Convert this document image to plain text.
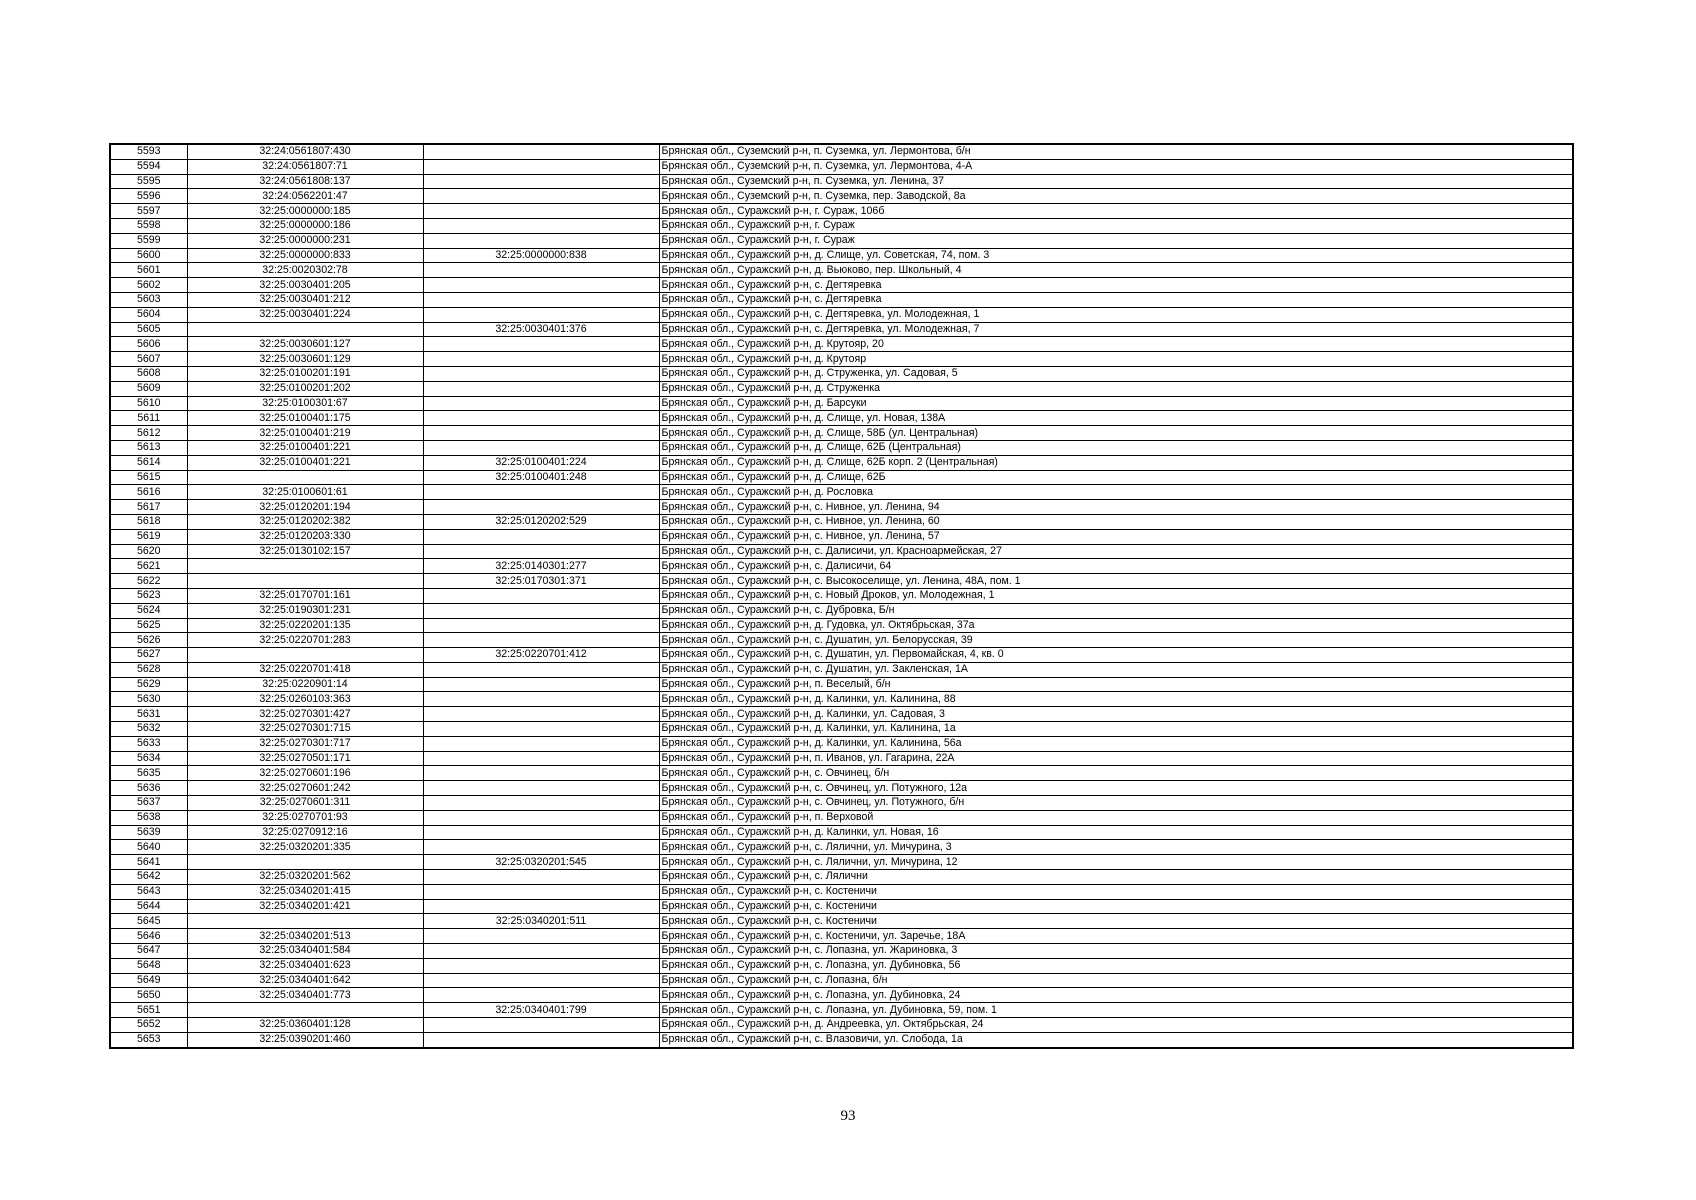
5593	32:24:0561807:430		Брянская обл., Суземский р-н, п. Суземка, ул. Лермонтова, б/н
5594	32:24:0561807:71		Брянская обл., Суземский р-н, п. Суземка, ул. Лермонтова, 4-А
5595	32:24:0561808:137		Брянская обл., Суземский р-н, п. Суземка, ул. Ленина, 37
5596	32:24:0562201:47		Брянская обл., Суземский р-н, п. Суземка, пер. Заводской, 8а
5597	32:25:0000000:185		Брянская обл., Суражский р-н, г. Сураж, 106б
5598	32:25:0000000:186		Брянская обл., Суражский р-н, г. Сураж
5599	32:25:0000000:231		Брянская обл., Суражский р-н, г. Сураж
5600	32:25:0000000:833	32:25:0000000:838	Брянская обл., Суражский р-н, д. Слище, ул. Советская, 74, пом. 3
5601	32:25:0020302:78		Брянская обл., Суражский р-н, д. Вьюково, пер. Школьный, 4
5602	32:25:0030401:205		Брянская обл., Суражский р-н, с. Дегтяревка
5603	32:25:0030401:212		Брянская обл., Суражский р-н, с. Дегтяревка
5604	32:25:0030401:224		Брянская обл., Суражский р-н, с. Дегтяревка, ул. Молодежная, 1
5605		32:25:0030401:376	Брянская обл., Суражский р-н, с. Дегтяревка, ул. Молодежная, 7
5606	32:25:0030601:127		Брянская обл., Суражский р-н, д. Крутояр, 20
5607	32:25:0030601:129		Брянская обл., Суражский р-н, д. Крутояр
5608	32:25:0100201:191		Брянская обл., Суражский р-н, д. Струженка, ул. Садовая, 5
5609	32:25:0100201:202		Брянская обл., Суражский р-н, д. Струженка
5610	32:25:0100301:67		Брянская обл., Суражский р-н, д. Барсуки
5611	32:25:0100401:175		Брянская обл., Суражский р-н, д. Слище, ул. Новая, 138А
5612	32:25:0100401:219		Брянская обл., Суражский р-н, д. Слище, 58Б (ул. Центральная)
5613	32:25:0100401:221		Брянская обл., Суражский р-н, д. Слище, 62Б (Центральная)
5614	32:25:0100401:221	32:25:0100401:224	Брянская обл., Суражский р-н, д. Слище, 62Б корп. 2 (Центральная)
5615		32:25:0100401:248	Брянская обл., Суражский р-н, д. Слище, 62Б
5616	32:25:0100601:61		Брянская обл., Суражский р-н, д. Рословка
5617	32:25:0120201:194		Брянская обл., Суражский р-н, с. Нивное, ул. Ленина, 94
5618	32:25:0120202:382	32:25:0120202:529	Брянская обл., Суражский р-н, с. Нивное, ул. Ленина, 60
5619	32:25:0120203:330		Брянская обл., Суражский р-н, с. Нивное, ул. Ленина, 57
5620	32:25:0130102:157		Брянская обл., Суражский р-н, с. Далисичи, ул. Красноармейская, 27
5621		32:25:0140301:277	Брянская обл., Суражский р-н, с. Далисичи, 64
5622		32:25:0170301:371	Брянская обл., Суражский р-н, с. Высокоселище, ул. Ленина, 48А, пом. 1
5623	32:25:0170701:161		Брянская обл., Суражский р-н, с. Новый Дроков, ул. Молодежная, 1
5624	32:25:0190301:231		Брянская обл., Суражский р-н, с. Дубровка, Б/н
5625	32:25:0220201:135		Брянская обл., Суражский р-н, д. Гудовка, ул. Октябрьская, 37а
5626	32:25:0220701:283		Брянская обл., Суражский р-н, с. Душатин, ул. Белорусская, 39
5627		32:25:0220701:412	Брянская обл., Суражский р-н, с. Душатин, ул. Первомайская, 4, кв. 0
5628	32:25:0220701:418		Брянская обл., Суражский р-н, с. Душатин, ул. Закленская, 1А
5629	32:25:0220901:14		Брянская обл., Суражский р-н, п. Веселый, б/н
5630	32:25:0260103:363		Брянская обл., Суражский р-н, д. Калинки, ул. Калинина, 88
5631	32:25:0270301:427		Брянская обл., Суражский р-н, д. Калинки, ул. Садовая, 3
5632	32:25:0270301:715		Брянская обл., Суражский р-н, д. Калинки, ул. Калинина, 1а
5633	32:25:0270301:717		Брянская обл., Суражский р-н, д. Калинки, ул. Калинина, 56а
5634	32:25:0270501:171		Брянская обл., Суражский р-н, п. Иванов, ул. Гагарина, 22А
5635	32:25:0270601:196		Брянская обл., Суражский р-н, с. Овчинец, б/н
5636	32:25:0270601:242		Брянская обл., Суражский р-н, с. Овчинец, ул. Потужного, 12а
5637	32:25:0270601:311		Брянская обл., Суражский р-н, с. Овчинец, ул. Потужного, б/н
5638	32:25:0270701:93		Брянская обл., Суражский р-н, п. Верховой
5639	32:25:0270912:16		Брянская обл., Суражский р-н, д. Калинки, ул. Новая, 16
5640	32:25:0320201:335		Брянская обл., Суражский р-н, с. Лялични, ул. Мичурина, 3
5641		32:25:0320201:545	Брянская обл., Суражский р-н, с. Лялични, ул. Мичурина, 12
5642	32:25:0320201:562		Брянская обл., Суражский р-н, с. Лялични
5643	32:25:0340201:415		Брянская обл., Суражский р-н, с. Костеничи
5644	32:25:0340201:421		Брянская обл., Суражский р-н, с. Костеничи
5645		32:25:0340201:511	Брянская обл., Суражский р-н, с. Костеничи
5646	32:25:0340201:513		Брянская обл., Суражский р-н, с. Костеничи, ул. Заречье, 18А
5647	32:25:0340401:584		Брянская обл., Суражский р-н, с. Лопазна, ул. Жариновка, 3
5648	32:25:0340401:623		Брянская обл., Суражский р-н, с. Лопазна, ул. Дубиновка, 56
5649	32:25:0340401:642		Брянская обл., Суражский р-н, с. Лопазна, б/н
5650	32:25:0340401:773		Брянская обл., Суражский р-н, с. Лопазна, ул. Дубиновка, 24
5651		32:25:0340401:799	Брянская обл., Суражский р-н, с. Лопазна, ул. Дубиновка, 59, пом. 1
5652	32:25:0360401:128		Брянская обл., Суражский р-н, д. Андреевка, ул. Октябрьская, 24
5653	32:25:0390201:460		Брянская обл., Суражский р-н, с. Влазовичи, ул. Слобода, 1а
93
